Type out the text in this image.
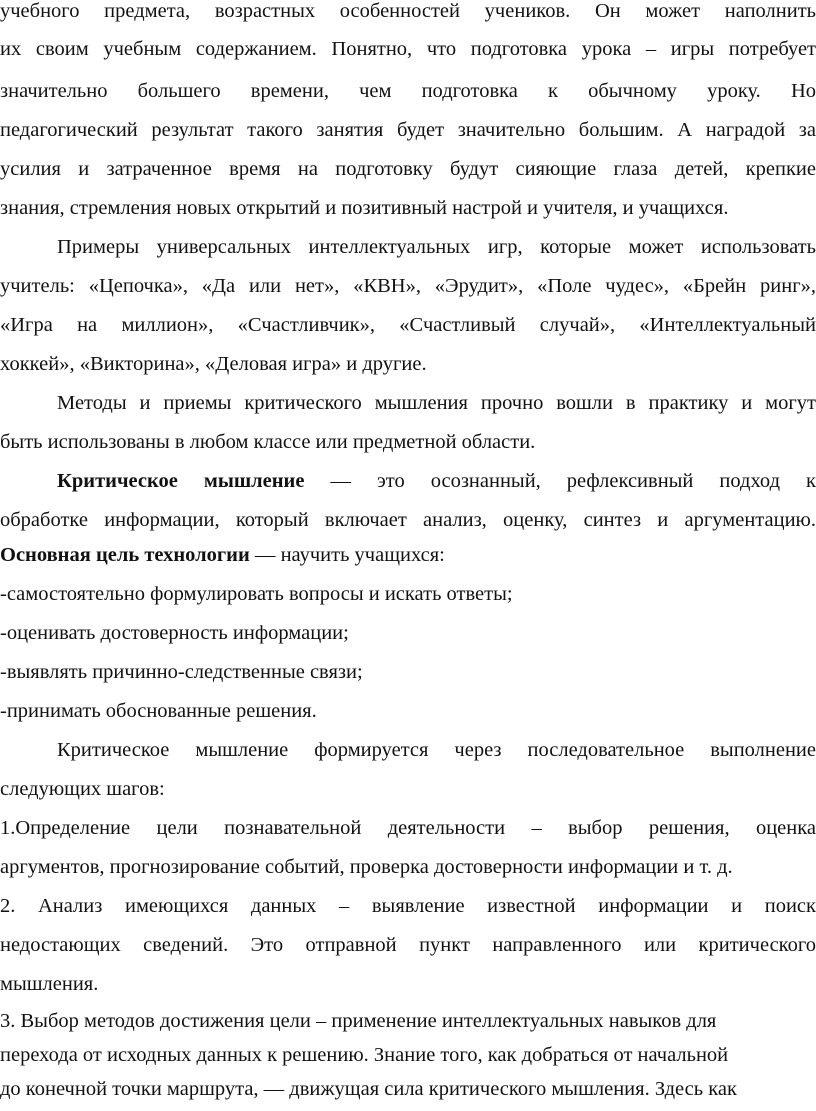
учебного предмета, возрастных особенностей учеников. Он может наполнить
их своим учебным содержанием. Понятно, что подготовка урока – игры потребует
значительно большего времени, чем подготовка к обычному уроку. Но
педагогический результат такого занятия будет значительно большим. А наградой за
усилия и затраченное время на подготовку будут сияющие глаза детей, крепкие
знания, стремления новых открытий и позитивный настрой и учителя, и учащихся.
Примеры универсальных интеллектуальных игр, которые может использовать
учитель: «Цепочка», «Да или нет», «КВН», «Эрудит», «Поле чудес», «Брейн ринг»,
«Игра на миллион», «Счастливчик», «Счастливый случай», «Интеллектуальный
хоккей», «Викторина», «Деловая игра» и другие.
Методы и приемы критического мышления прочно вошли в практику и могут
быть использованы в любом классе или предметной области.
Критическое мышление — это осознанный, рефлексивный подход к
обработке информации, который включает анализ, оценку, синтез и аргументацию.
Основная цель технологии — научить учащихся:
-самостоятельно формулировать вопросы и искать ответы;
-оценивать достоверность информации;
-выявлять причинно-следственные связи;
-принимать обоснованные решения.
Критическое мышление формируется через последовательное выполнение
следующих шагов:
1.Определение цели познавательной деятельности – выбор решения, оценка
аргументов, прогнозирование событий, проверка достоверности информации и т. д.
2. Анализ имеющихся данных – выявление известной информации и поиск
недостающих сведений. Это отправной пункт направленного или критического
мышления.
3. Выбор методов достижения цели – применение интеллектуальных навыков для
перехода от исходных данных к решению. Знание того, как добраться от начальной
до конечной точки маршрута, — движущая сила критического мышления. Здесь как
